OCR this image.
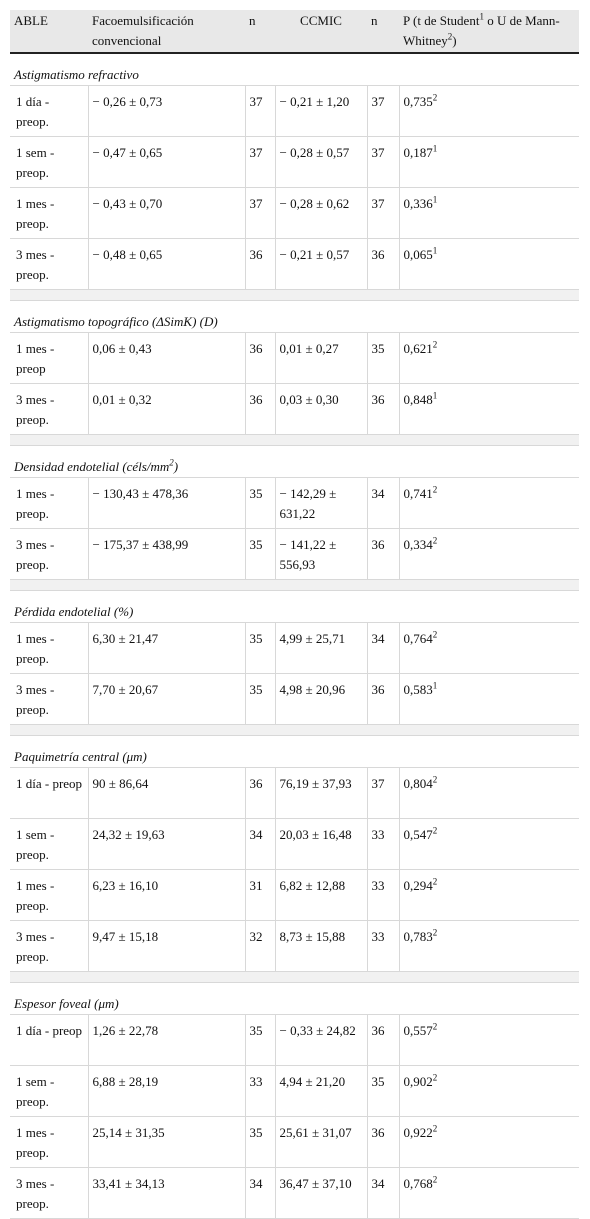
ABLE	Facoemulsificación convencional	n	CCMIC	n	P (t de Student$^1$ o U de Mann-Whitney$^2$)
Astigmatismo refractivo					
1 día - preop.	− 0,26 ± 0,73	37	− 0,21 ± 1,20	37	0,735$^2$
1 sem - preop.	− 0,47 ± 0,65	37	− 0,28 ± 0,57	37	0,187$^1$
1 mes - preop.	− 0,43 ± 0,70	37	− 0,28 ± 0,62	37	0,336$^1$
3 mes - preop.	− 0,48 ± 0,65	36	− 0,21 ± 0,57	36	0,065$^1$

Astigmatismo topográfico (ΔSimK) (D)					
1 mes - preop	0,06 ± 0,43	36	0,01 ± 0,27	35	0,621$^2$
3 mes - preop.	0,01 ± 0,32	36	0,03 ± 0,30	36	0,848$^1$

Densidad endotelial $(céls/mm^2)$					
1 mes - preop.	− 130,43 ± 478,36	35	− 142,29 ± 631,22	34	0,741$^2$
3 mes - preop.	− 175,37 ± 438,99	35	− 141,22 ± 556,93	36	0,334$^2$

Pérdida endotelial (%)					
1 mes - preop.	6,30 ± 21,47	35	4,99 ± 25,71	34	0,764$^2$
3 mes - preop.	7,70 ± 20,67	35	4,98 ± 20,96	36	0,583$^1$

Paquimetría central (μm)					
1 día - preop	90 ± 86,64	36	76,19 ± 37,93	37	0,804$^2$
1 sem - preop.	24,32 ± 19,63	34	20,03 ± 16,48	33	0,547$^2$
1 mes - preop.	6,23 ± 16,10	31	6,82 ± 12,88	33	0,294$^2$
3 mes - preop.	9,47 ± 15,18	32	8,73 ± 15,88	33	0,783$^2$

Espesor foveal (μm)					
1 día - preop	1,26 ± 22,78	35	− 0,33 ± 24,82	36	0,557$^2$
1 sem - preop.	6,88 ± 28,19	33	4,94 ± 21,20	35	0,902$^2$
1 mes - preop.	25,14 ± 31,35	35	25,61 ± 31,07	36	0,922$^2$
3 mes - preop.	33,41 ± 34,13	34	36,47 ± 37,10	34	0,768$^2$
